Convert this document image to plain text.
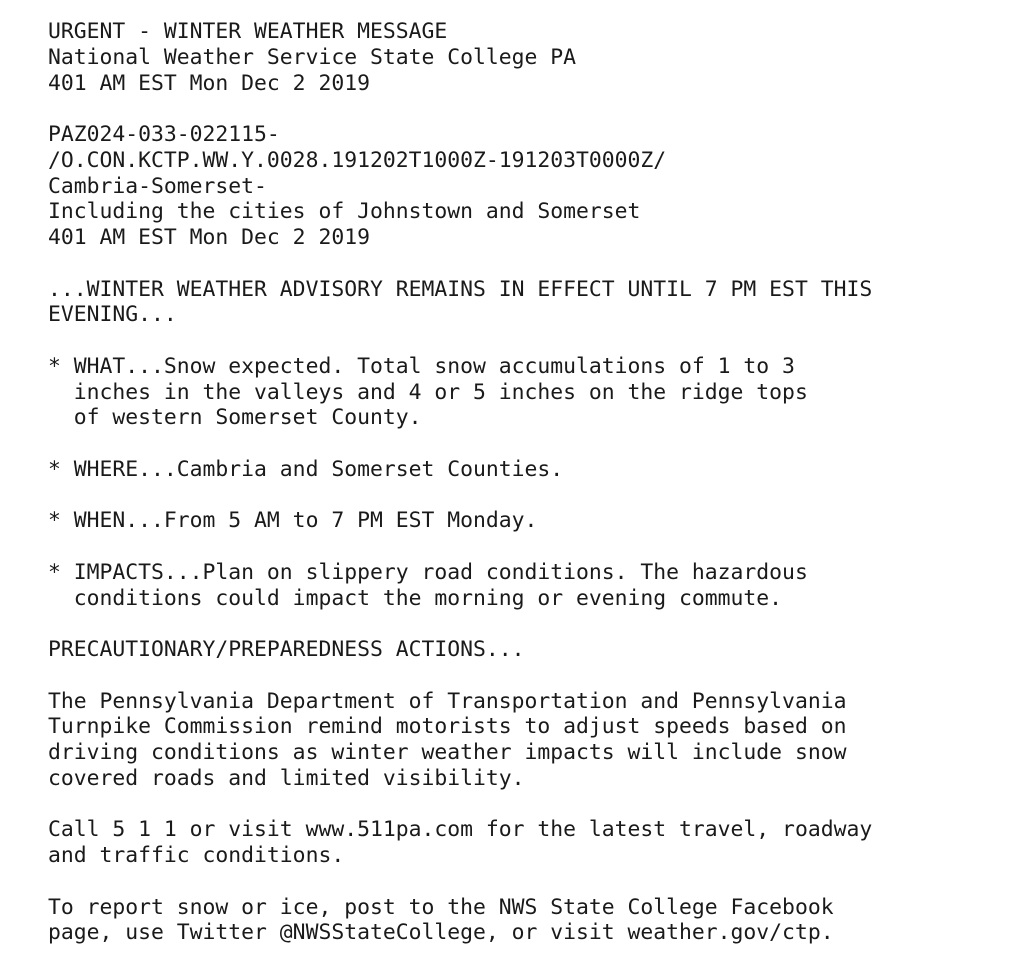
URGENT - WINTER WEATHER MESSAGE
National Weather Service State College PA
401 AM EST Mon Dec 2 2019
PAZ024-033-022115-
/O.CON.KCTP.WW.Y.0028.191202T1000Z-191203T0000Z/
Cambria-Somerset-
Including the cities of Johnstown and Somerset
401 AM EST Mon Dec 2 2019
...WINTER WEATHER ADVISORY REMAINS IN EFFECT UNTIL 7 PM EST THIS
EVENING...
* WHAT...Snow expected. Total snow accumulations of 1 to 3
inches in the valleys and 4 or 5 inches on the ridge tops
of western Somerset County.
* WHERE...Cambria and Somerset Counties.
* WHEN...From 5 AM to 7 PM EST Monday.
* IMPACTS...Plan on slippery road conditions. The hazardous
conditions could impact the morning or evening commute.
PRECAUTIONARY/PREPAREDNESS ACTIONS...
The Pennsylvania Department of Transportation and Pennsylvania
Turnpike Commission remind motorists to adjust speeds based on
driving conditions as winter weather impacts will include snow
covered roads and limited visibility.
Call 5 1 1 or visit www.511pa.com for the latest travel, roadway
and traffic conditions.
To report snow or ice, post to the NWS State College Facebook
page, use Twitter @NWSStateCollege, or visit weather.gov/ctp.
